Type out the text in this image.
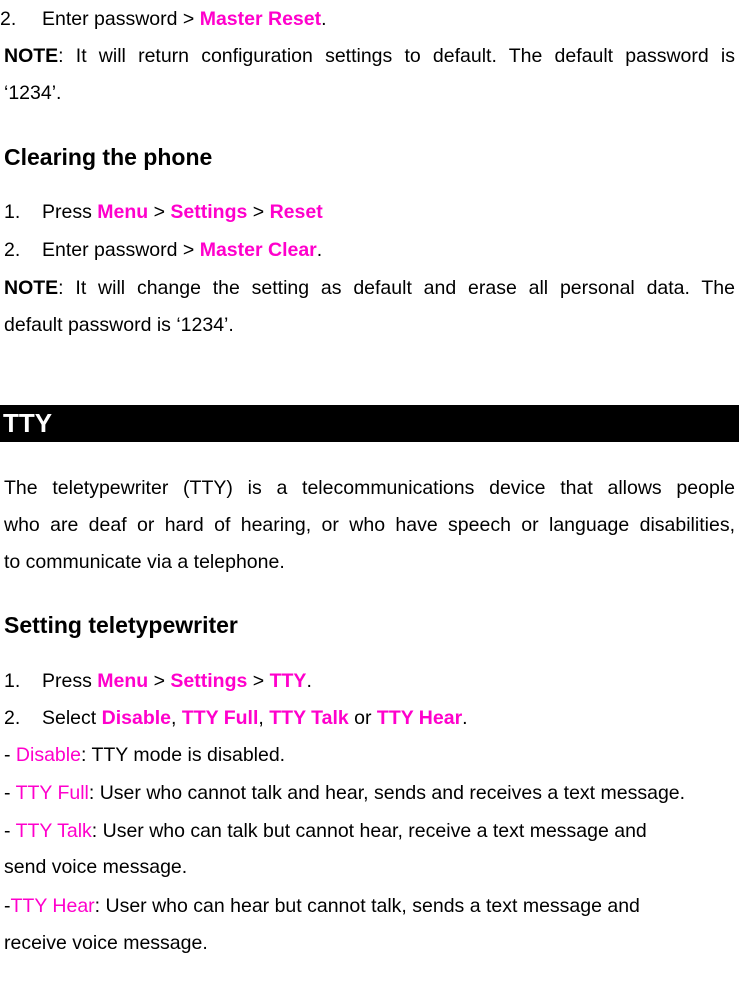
2. Enter password > Master Reset.
NOTE: It will return configuration settings to default. The default password is
‘1234’.
Clearing the phone
1. Press Menu > Settings > Reset
2. Enter password > Master Clear.
NOTE: It will change the setting as default and erase all personal data. The
default password is ‘1234’.
TTY
The teletypewriter (TTY) is a telecommunications device that allows people
who are deaf or hard of hearing, or who have speech or language disabilities,
to communicate via a telephone.
Setting teletypewriter
1. Press Menu > Settings > TTY.
2. Select Disable, TTY Full, TTY Talk or TTY Hear.
- Disable: TTY mode is disabled.
- TTY Full: User who cannot talk and hear, sends and receives a text message.
- TTY Talk: User who can talk but cannot hear, receive a text message and
send voice message.
-TTY Hear: User who can hear but cannot talk, sends a text message and
receive voice message.
